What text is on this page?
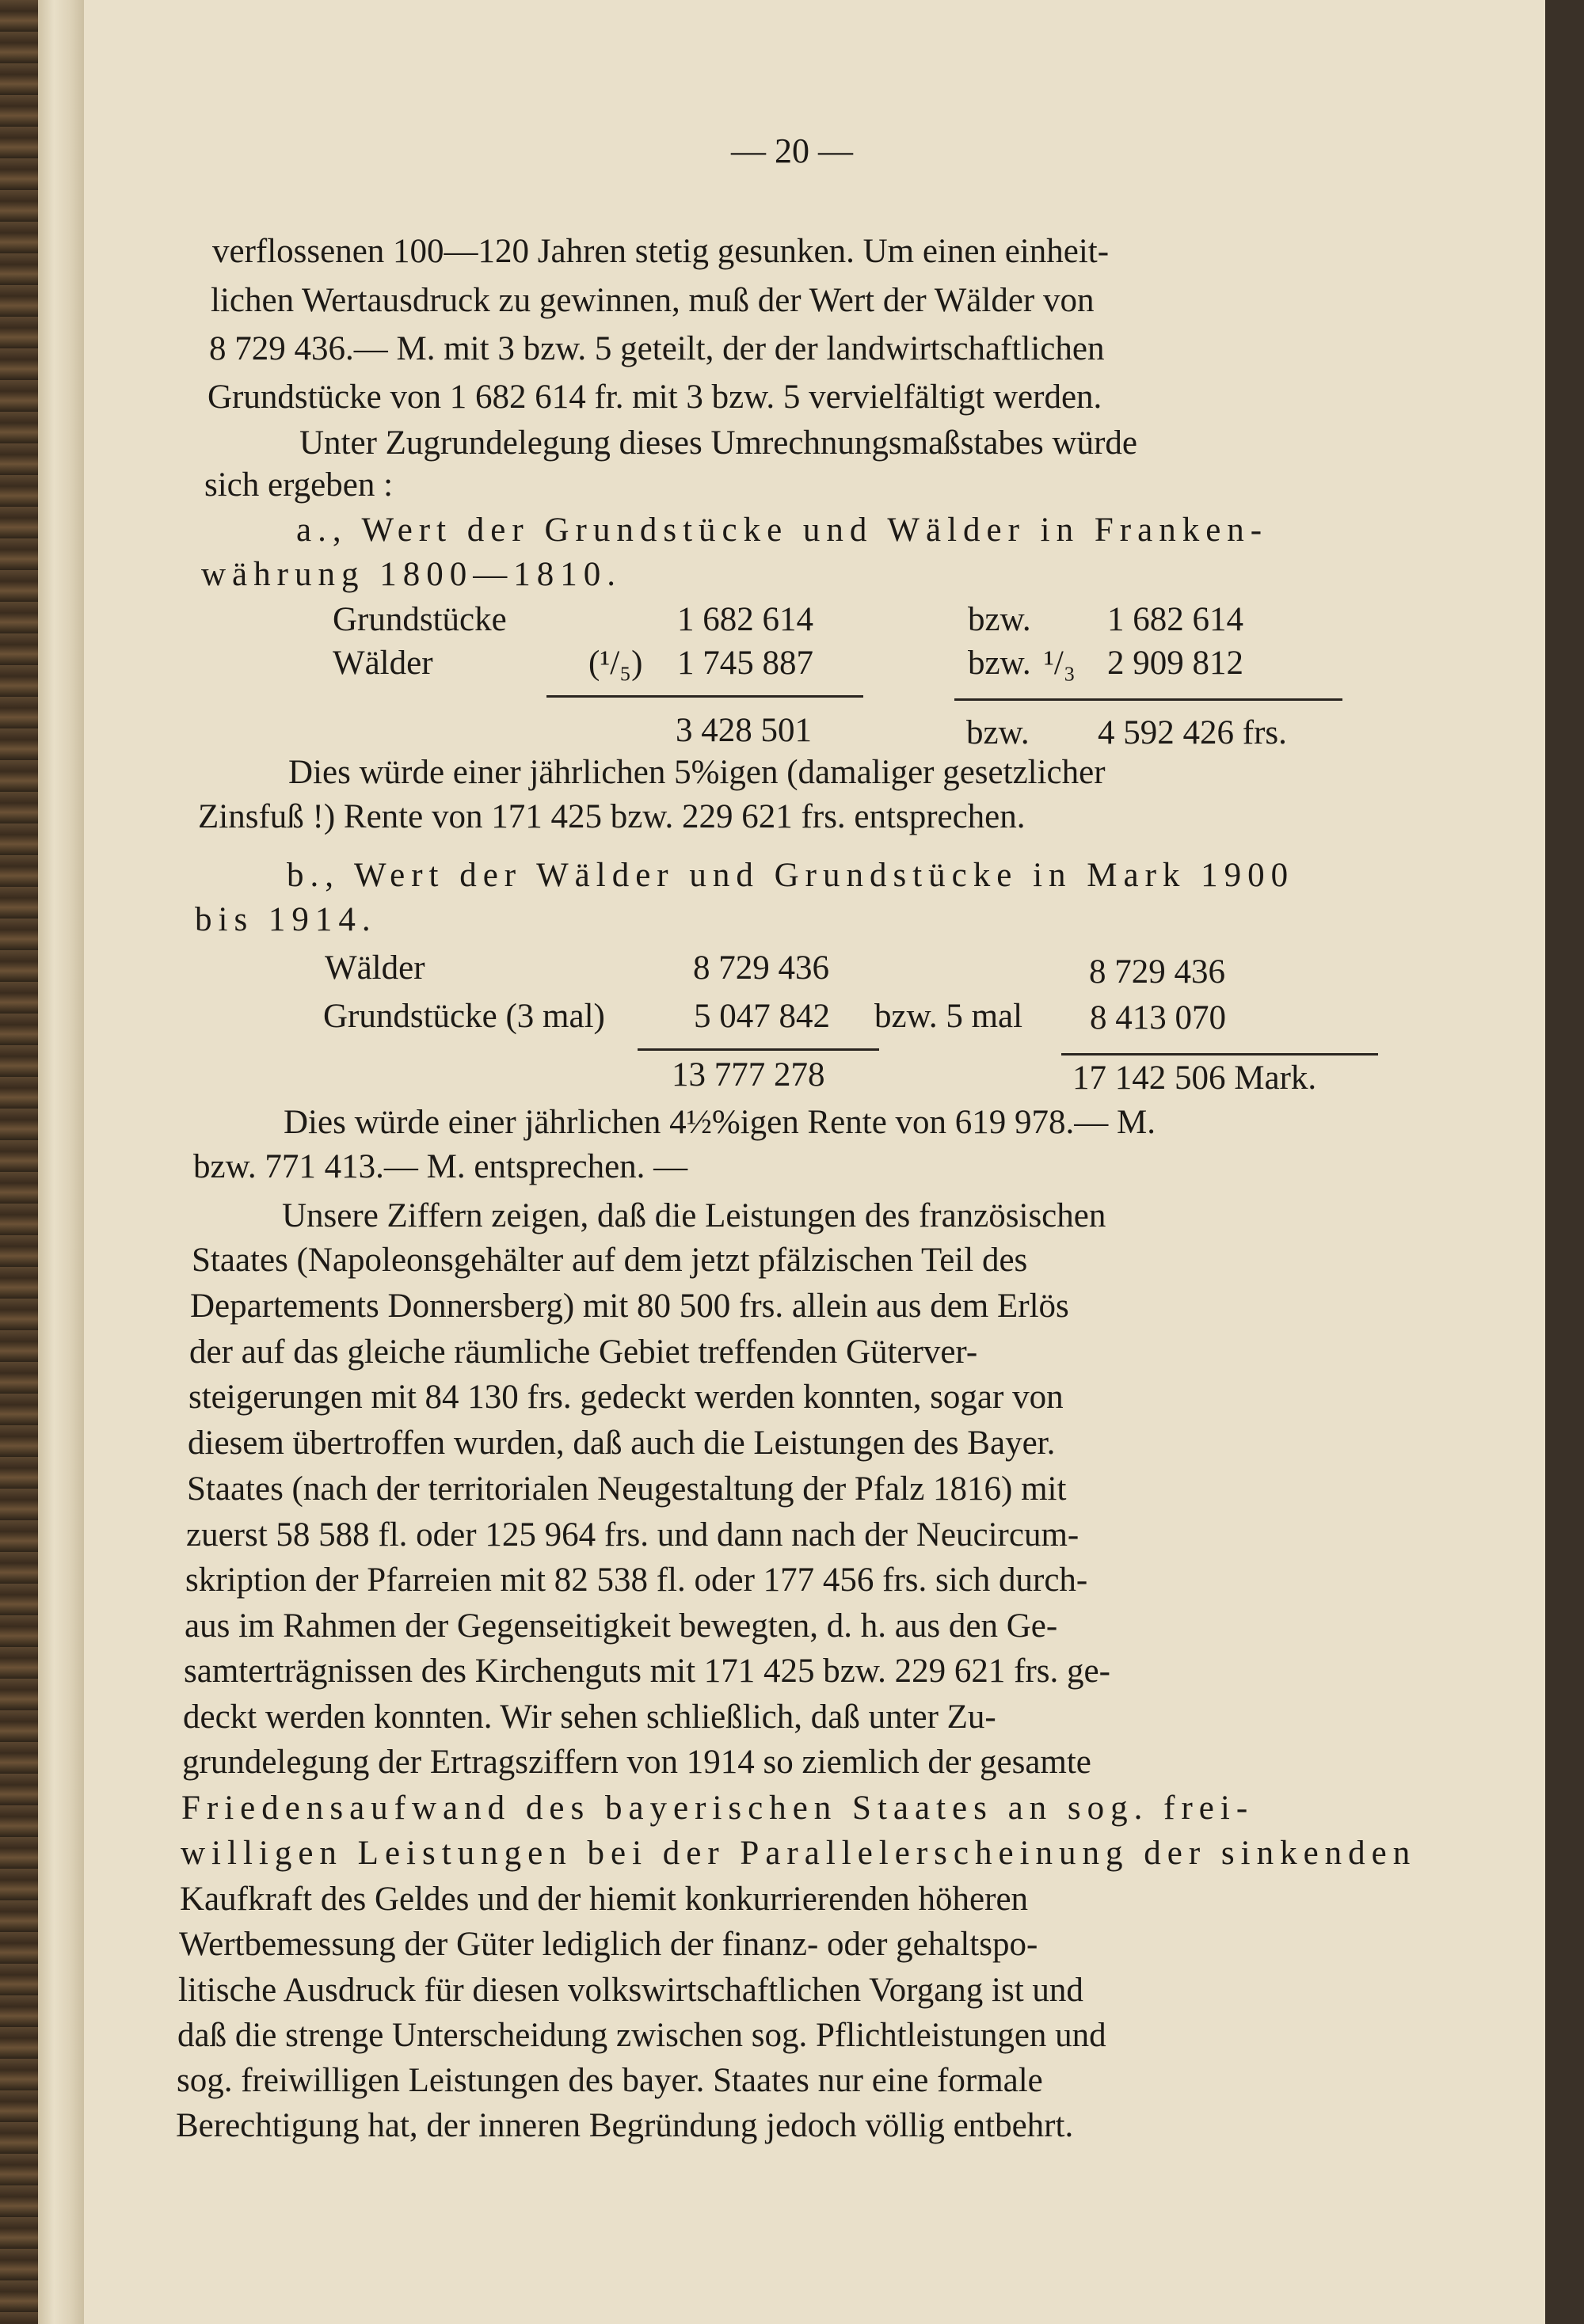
— 20 —
verflossenen 100—120 Jahren stetig gesunken. Um einen einheit-
lichen Wertausdruck zu gewinnen, muß der Wert der Wälder von
8 729 436.— M. mit 3 bzw. 5 geteilt, der der landwirtschaftlichen
Grundstücke von 1 682 614 fr. mit 3 bzw. 5 vervielfältigt werden.
Unter Zugrundelegung dieses Umrechnungsmaßstabes würde
sich ergeben :
a., Wert der Grundstücke und Wälder in Franken-
währung 1800—1810.
Grundstücke	1 682 614	bzw. 1 682 614
Wälder	(¹/₅) 1 745 887	bzw. ¹/₃ 2 909 812
3 428 501	bzw. 4 592 426 frs.
Dies würde einer jährlichen 5%igen (damaliger gesetzlicher
Zinsfuß !) Rente von 171 425 bzw. 229 621 frs. entsprechen.
b., Wert der Wälder und Grundstücke in Mark 1900
bis 1914.
Wälder	8 729 436	8 729 436
Grundstücke (3 mal)	5 047 842 bzw. 5 mal 8 413 070
13 777 278	17 142 506 Mark.
Dies würde einer jährlichen 4½%igen Rente von 619 978.— M.
bzw. 771 413.— M. entsprechen. —
Unsere Ziffern zeigen, daß die Leistungen des französischen
Staates (Napoleonsgehälter auf dem jetzt pfälzischen Teil des
Departements Donnersberg) mit 80 500 frs. allein aus dem Erlös
der auf das gleiche räumliche Gebiet treffenden Güterver-
steigerungen mit 84 130 frs. gedeckt werden konnten, sogar von
diesem übertroffen wurden, daß auch die Leistungen des Bayer.
Staates (nach der territorialen Neugestaltung der Pfalz 1816) mit
zuerst 58 588 fl. oder 125 964 frs. und dann nach der Neucircum-
skription der Pfarreien mit 82 538 fl. oder 177 456 frs. sich durch-
aus im Rahmen der Gegenseitigkeit bewegten, d. h. aus den Ge-
samterträgnissen des Kirchenguts mit 171 425 bzw. 229 621 frs. ge-
deckt werden konnten. Wir sehen schließlich, daß unter Zu-
grundelegung der Ertragsziffern von 1914 so ziemlich der gesamte
Friedensaufwand des bayerischen Staates an sog. frei-
willigen Leistungen bei der Parallelerscheinung der sinkenden
Kaufkraft des Geldes und der hiemit konkurrierenden höheren
Wertbemessung der Güter lediglich der finanz- oder gehaltspo-
litische Ausdruck für diesen volkswirtschaftlichen Vorgang ist und
daß die strenge Unterscheidung zwischen sog. Pflichtleistungen und
sog. freiwilligen Leistungen des bayer. Staates nur eine formale
Berechtigung hat, der inneren Begründung jedoch völlig entbehrt.
